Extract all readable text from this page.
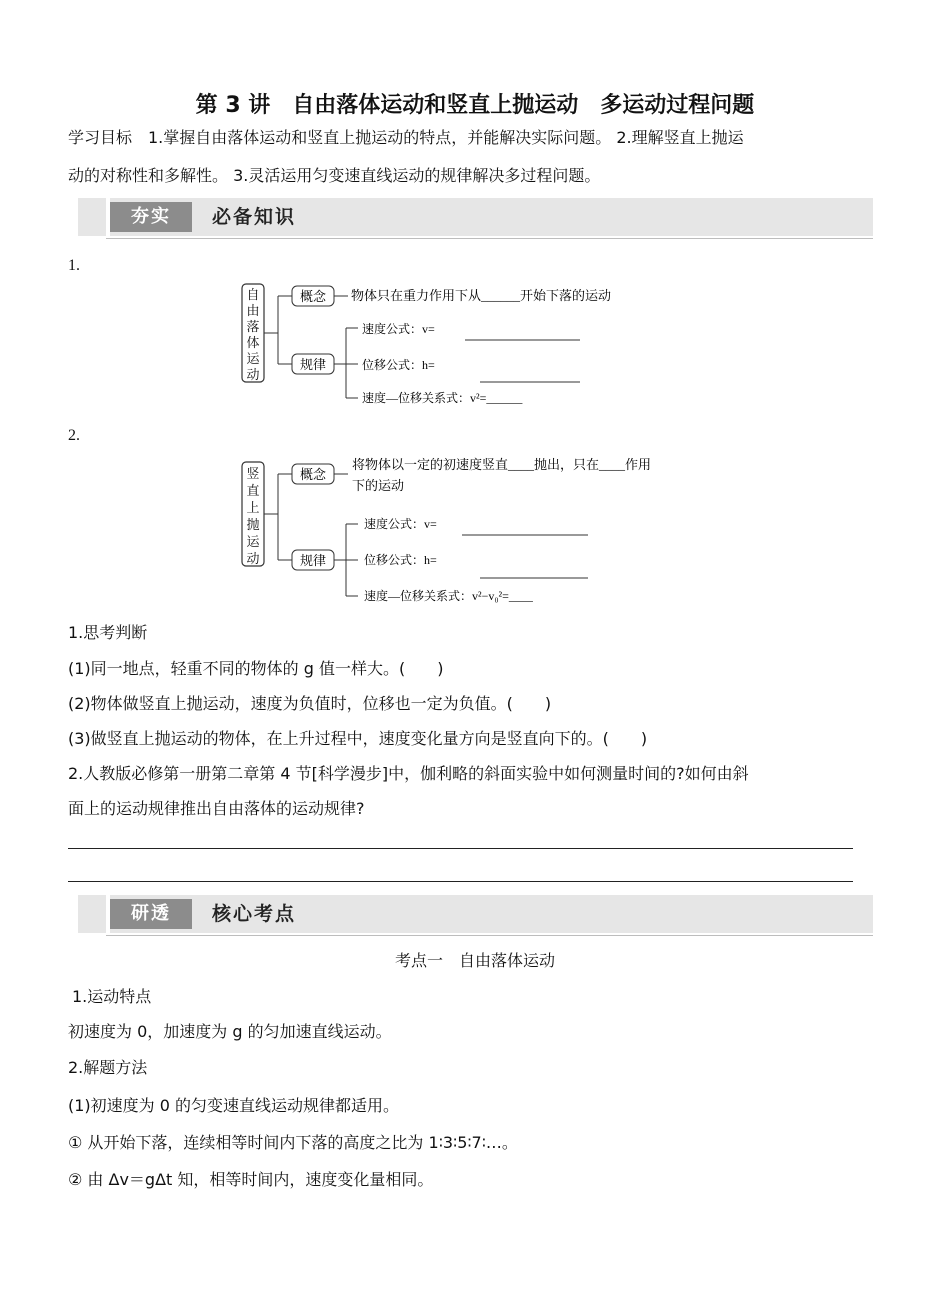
第 3 讲　自由落体运动和竖直上抛运动　多运动过程问题
学习目标　1.掌握自由落体运动和竖直上抛运动的特点，并能解决实际问题。 2.理解竖直上抛运
动的对称性和多解性。 3.灵活运用匀变速直线运动的规律解决多过程问题。
夯实	必备知识
1.
自
由
落
体
运
动
概念
规律
物体只在重力作用下从______开始下落的运动
速度公式：v=
位移公式：h=
速度—位移关系式：v²=______
2.
竖
直
上
抛
运
动
概念
规律
将物体以一定的初速度竖直____抛出，只在____作用
下的运动
速度公式：v=
位移公式：h=
速度—位移关系式：v²−v₀²=____
1.思考判断
(1)同一地点，轻重不同的物体的 g 值一样大。(　　)
(2)物体做竖直上抛运动，速度为负值时，位移也一定为负值。(　　)
(3)做竖直上抛运动的物体，在上升过程中，速度变化量方向是竖直向下的。(　　)
2.人教版必修第一册第二章第 4 节[科学漫步]中，伽利略的斜面实验中如何测量时间的?如何由斜
面上的运动规律推出自由落体的运动规律?
研透	核心考点
考点一　自由落体运动
1.运动特点
初速度为 0，加速度为 g 的匀加速直线运动。
2.解题方法
(1)初速度为 0 的匀变速直线运动规律都适用。
① 从开始下落，连续相等时间内下落的高度之比为 1∶3∶5∶7∶…。
② 由 Δv＝gΔt 知，相等时间内，速度变化量相同。
